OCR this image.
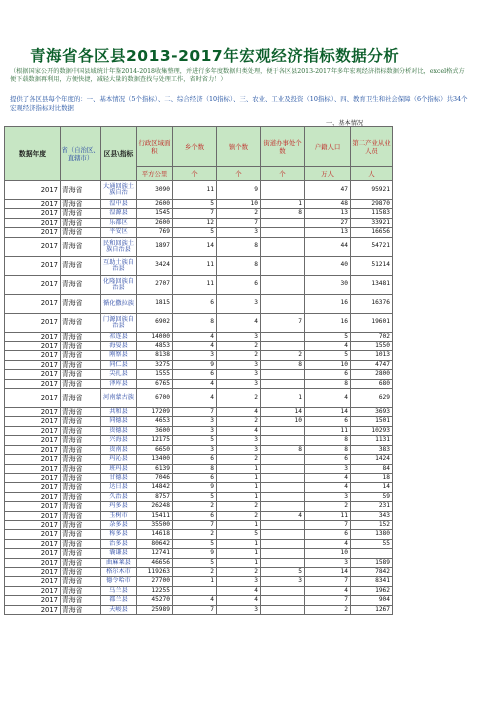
青海省各区县2013-2017年宏观经济指标数据分析
（根据国家公开的数据中国县域统计年鉴2014-2018收集整理，并进行多年度数据归类处理，便于各区县2013-2017年多年宏观经济指标数据分析对比，excel格式方便下载数据再利用，方便快捷，减轻大量的数据查找与处理工作，省时省力！）
提供了各区县每个年度的：一、基本情况（5个指标）、二、综合经济（10指标）、三、农业、工业及投资（10指标）、四、教育卫生和社会保障（6个指标）共34个宏观经济指标对比数据
一、基本情况
数据年度	省（自治区、直辖市）	区县\指标	行政区域面积	乡个数	镇个数	街道办事处个数	户籍人口	第二产业从业人员
			平方公里	个	个	个	万人	人
2017	青海省	大通回族土族自治	3090	11	9		47	95921
2017	青海省	湟中县	2600	5	10	1	48	29870
2017	青海省	湟源县	1545	7	2	8	13	11583
2017	青海省	乐都区	2600	12	7		27	33921
2017	青海省	平安区	769	5	3		13	16656
2017	青海省	民和回族土族自治县	1897	14	8		44	54721
2017	青海省	互助土族自治县	3424	11	8		40	51214
2017	青海省	化隆回族自治县	2707	11	6		30	13481
2017	青海省	循化撒拉族	1815	6	3		16	16376
2017	青海省	门源回族自治县	6902	8	4	7	16	19601
2017	青海省	祁连县	14000	4	3		5	702
2017	青海省	海晏县	4853	4	2		4	1550
2017	青海省	刚察县	8138	3	2	2	5	1013
2017	青海省	同仁县	3275	9	3	8	10	4747
2017	青海省	尖扎县	1555	6	3		6	2800
2017	青海省	泽库县	6765	4	3		8	680
2017	青海省	河南蒙古族	6700	4	2	1	4	629
2017	青海省	共和县	17209	7	4	14	14	3693
2017	青海省	同德县	4653	3	2	10	6	1501
2017	青海省	贵德县	3600	3	4		11	10293
2017	青海省	兴海县	12175	5	3		8	1131
2017	青海省	贵南县	6650	3	3	8	8	383
2017	青海省	玛沁县	13400	6	2		6	1424
2017	青海省	班玛县	6139	8	1		3	84
2017	青海省	甘德县	7046	6	1		4	18
2017	青海省	达日县	14842	9	1		4	14
2017	青海省	久治县	8757	5	1		3	59
2017	青海省	玛多县	26248	2	2		2	231
2017	青海省	玉树市	15411	6	2	4	11	343
2017	青海省	杂多县	35500	7	1		7	152
2017	青海省	称多县	14618	2	5		6	1380
2017	青海省	治多县	80642	5	1		4	55
2017	青海省	囊谦县	12741	9	1		10	
2017	青海省	曲麻莱县	46656	5	1		3	1589
2017	青海省	格尔木市	119263	2	2	5	14	7842
2017	青海省	德令哈市	27700	1	3	3	7	8341
2017	青海省	乌兰县	12255		4		4	1962
2017	青海省	都兰县	45270	4	4		7	904
2017	青海省	天峻县	25989	7	3		2	1267
